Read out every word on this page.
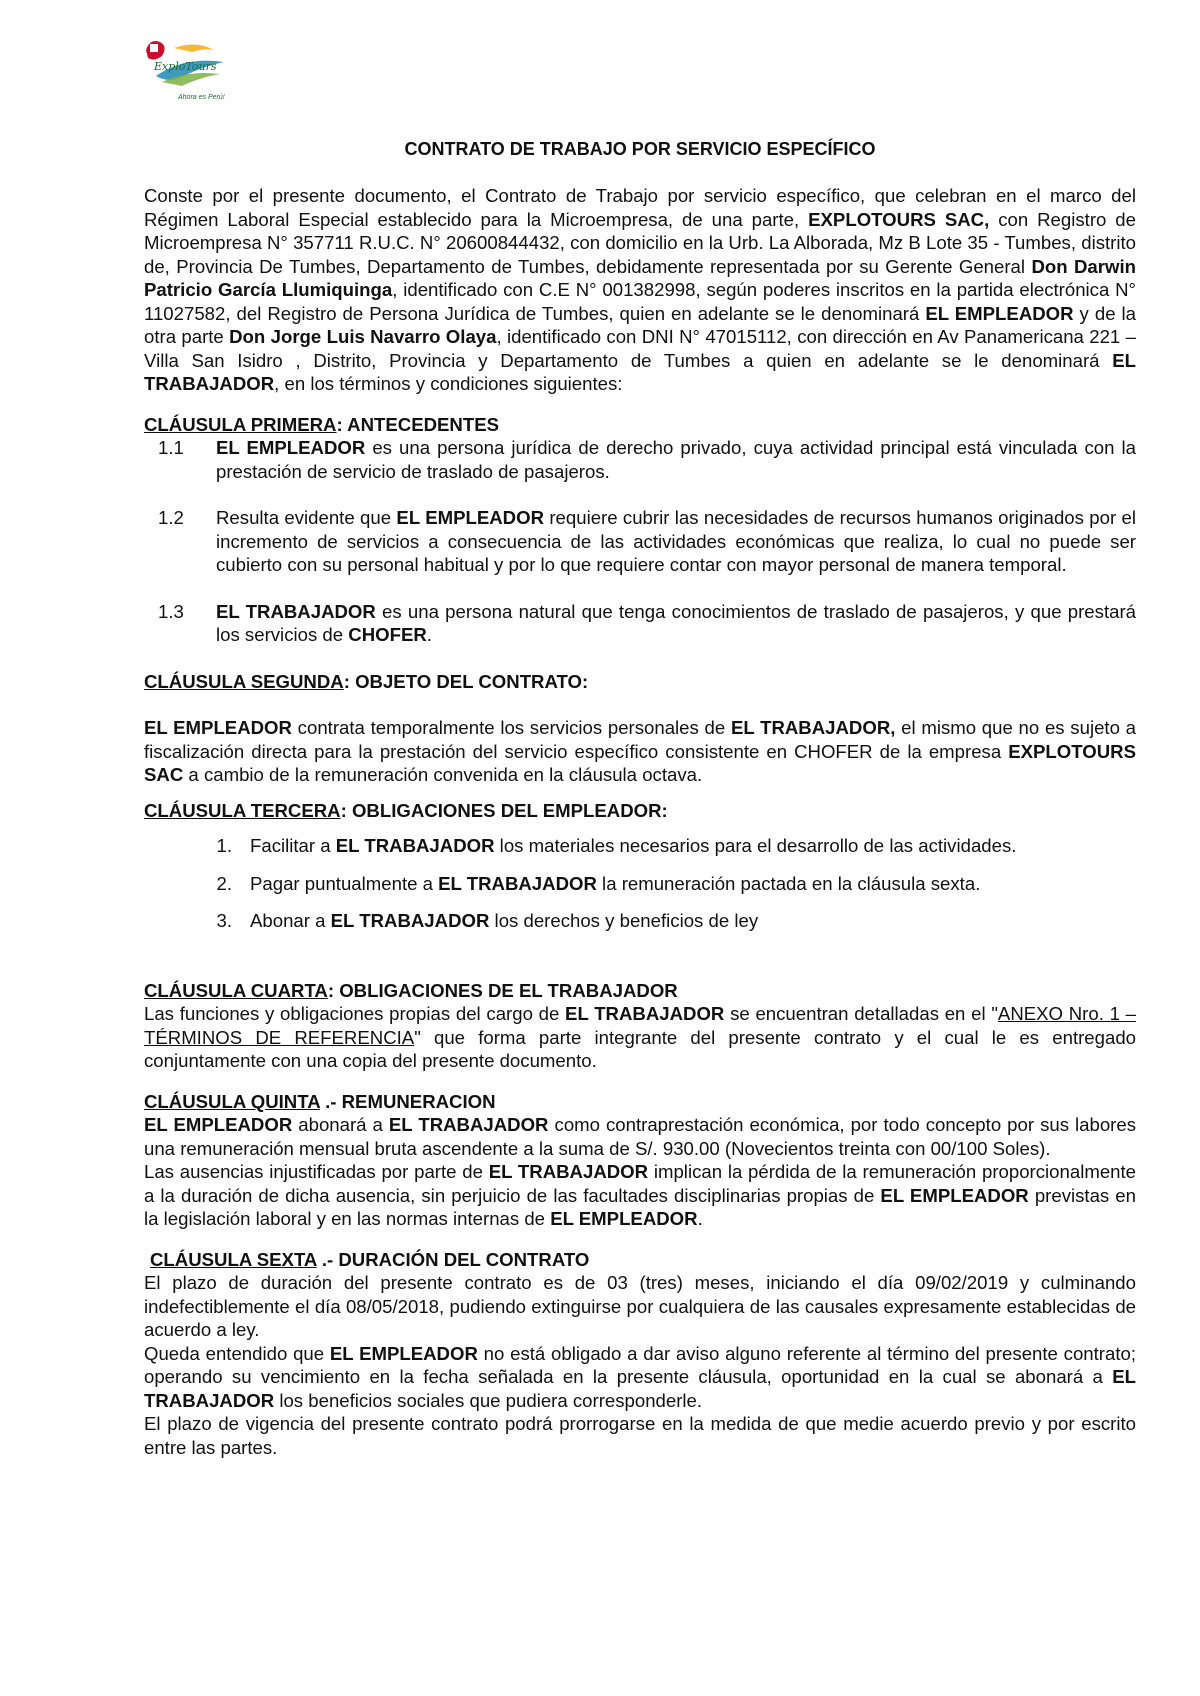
ExploTours
Ahora es Perú!
CONTRATO DE TRABAJO POR SERVICIO ESPECÍFICO

Conste por el presente documento, el Contrato de Trabajo por servicio específico, que celebran en el marco del Régimen Laboral Especial establecido para la Microempresa, de una parte, EXPLOTOURS SAC, con Registro de Microempresa N° 357711 R.U.C. N° 20600844432, con domicilio en la Urb. La Alborada, Mz B Lote 35 - Tumbes, distrito de, Provincia De Tumbes, Departamento de Tumbes, debidamente representada por su Gerente General Don Darwin Patricio García Llumiquinga, identificado con C.E N° 001382998, según poderes inscritos en la partida electrónica N° 11027582, del Registro de Persona Jurídica de Tumbes, quien en adelante se le denominará EL EMPLEADOR y de la otra parte Don Jorge Luis Navarro Olaya, identificado con DNI N° 47015112, con dirección en Av Panamericana 221 – Villa San Isidro , Distrito, Provincia y Departamento de Tumbes a quien en adelante se le denominará EL TRABAJADOR, en los términos y condiciones siguientes:

CLÁUSULA PRIMERA: ANTECEDENTES

1.1	EL EMPLEADOR es una persona jurídica de derecho privado, cuya actividad principal está vinculada con la prestación de servicio de traslado de pasajeros.
1.2	Resulta evidente que EL EMPLEADOR requiere cubrir las necesidades de recursos humanos originados por el incremento de servicios a consecuencia de las actividades económicas que realiza, lo cual no puede ser cubierto con su personal habitual y por lo que requiere contar con mayor personal de manera temporal.
1.3	EL TRABAJADOR es una persona natural que tenga conocimientos de traslado de pasajeros, y que prestará los servicios de CHOFER.

CLÁUSULA SEGUNDA: OBJETO DEL CONTRATO:

EL EMPLEADOR contrata temporalmente los servicios personales de EL TRABAJADOR, el mismo que no es sujeto a fiscalización directa para la prestación del servicio específico consistente en CHOFER de la empresa EXPLOTOURS SAC a cambio de la remuneración convenida en la cláusula octava.

CLÁUSULA TERCERA: OBLIGACIONES DEL EMPLEADOR:

1. Facilitar a EL TRABAJADOR los materiales necesarios para el desarrollo de las actividades.
2. Pagar puntualmente a EL TRABAJADOR la remuneración pactada en la cláusula sexta.
3. Abonar a EL TRABAJADOR los derechos y beneficios de ley

CLÁUSULA CUARTA: OBLIGACIONES DE EL TRABAJADOR

Las funciones y obligaciones propias del cargo de EL TRABAJADOR se encuentran detalladas en el "ANEXO Nro. 1 – TÉRMINOS DE REFERENCIA" que forma parte integrante del presente contrato y el cual le es entregado conjuntamente con una copia del presente documento.

CLÁUSULA QUINTA .- REMUNERACION

EL EMPLEADOR abonará a EL TRABAJADOR como contraprestación económica, por todo concepto por sus labores una remuneración mensual bruta ascendente a la suma de S/. 930.00 (Novecientos treinta con 00/100 Soles).

Las ausencias injustificadas por parte de EL TRABAJADOR implican la pérdida de la remuneración proporcionalmente a la duración de dicha ausencia, sin perjuicio de las facultades disciplinarias propias de EL EMPLEADOR previstas en la legislación laboral y en las normas internas de EL EMPLEADOR.

CLÁUSULA SEXTA .- DURACIÓN DEL CONTRATO

El plazo de duración del presente contrato es de 03 (tres) meses, iniciando el día 09/02/2019 y culminando indefectiblemente el día 08/05/2018, pudiendo extinguirse por cualquiera de las causales expresamente establecidas de acuerdo a ley.

Queda entendido que EL EMPLEADOR no está obligado a dar aviso alguno referente al término del presente contrato; operando su vencimiento en la fecha señalada en la presente cláusula, oportunidad en la cual se abonará a EL TRABAJADOR los beneficios sociales que pudiera corresponderle.

El plazo de vigencia del presente contrato podrá prorrogarse en la medida de que medie acuerdo previo y por escrito entre las partes.
